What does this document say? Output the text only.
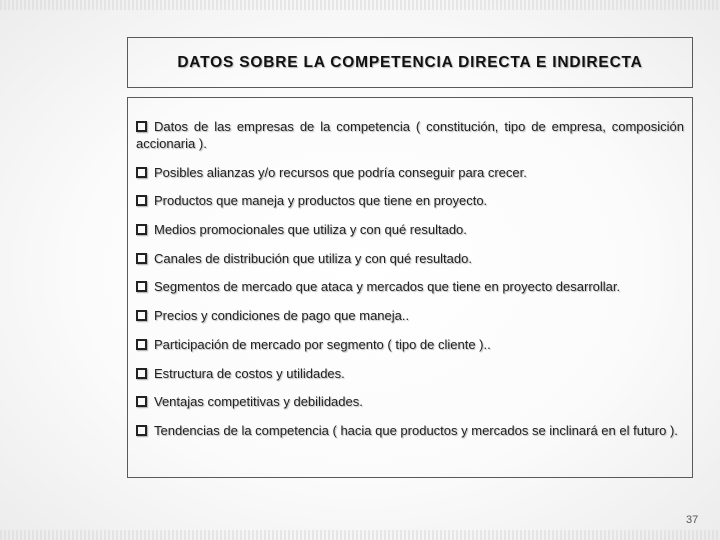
DATOS SOBRE LA COMPETENCIA DIRECTA E INDIRECTA
Datos de las empresas de la competencia ( constitución, tipo de empresa, composición accionaria ).
Posibles alianzas y/o recursos que podría conseguir para crecer.
Productos que maneja y productos que tiene en proyecto.
Medios promocionales que utiliza y con qué resultado.
Canales de distribución que utiliza y con qué resultado.
Segmentos de mercado que ataca y mercados que tiene en proyecto desarrollar.
Precios y condiciones de pago que maneja..
Participación de mercado por segmento ( tipo de cliente )..
Estructura de costos y utilidades.
Ventajas competitivas y debilidades.
Tendencias de la competencia ( hacia que productos y mercados se inclinará en el futuro ).
37
